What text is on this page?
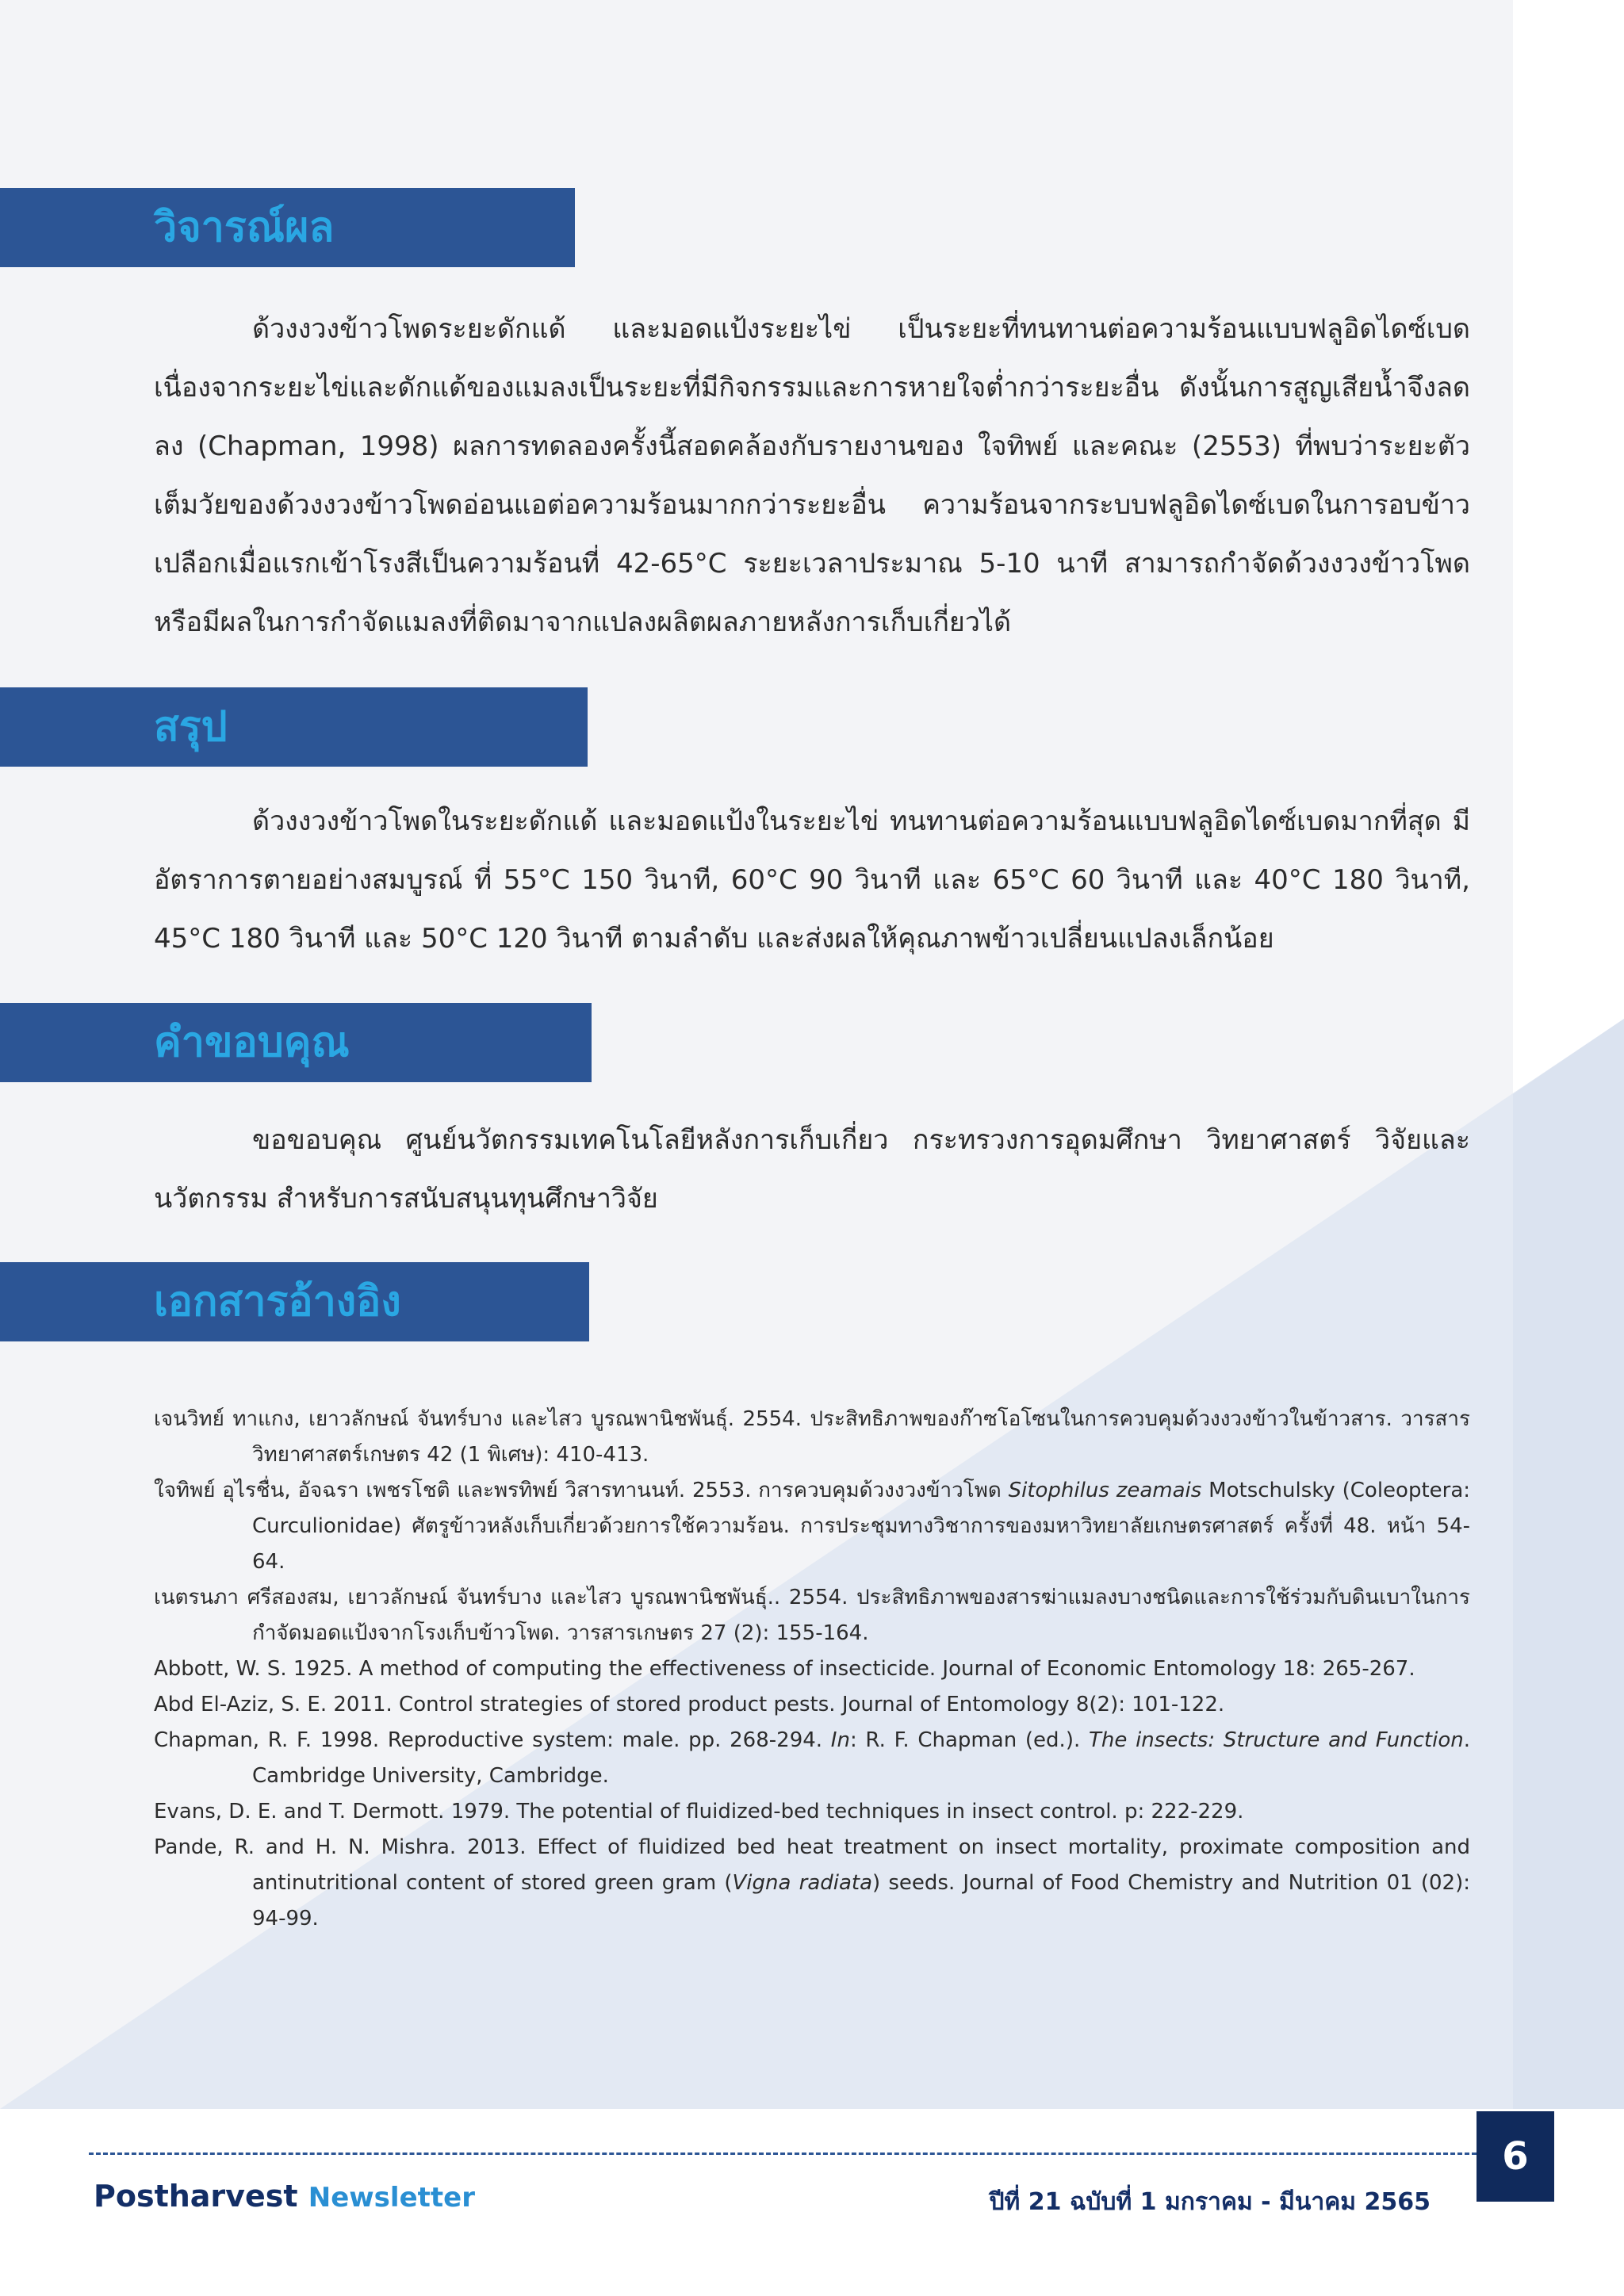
วิจารณ์ผล

ด้วงงวงข้าวโพดระยะดักแด้ และมอดแป้งระยะไข่ เป็นระยะที่ทนทานต่อความร้อนแบบฟลูอิดไดซ์เบด เนื่องจากระยะไข่และดักแด้ของแมลงเป็นระยะที่มีกิจกรรมและการหายใจต่ำกว่าระยะอื่น ดังนั้นการสูญเสียน้ำจึงลดลง (Chapman, 1998) ผลการทดลองครั้งนี้สอดคล้องกับรายงานของ ใจทิพย์ และคณะ (2553) ที่พบว่าระยะตัวเต็มวัยของด้วงงวงข้าวโพดอ่อนแอต่อความร้อนมากกว่าระยะอื่น ความร้อนจากระบบฟลูอิดไดซ์เบดในการอบข้าวเปลือกเมื่อแรกเข้าโรงสีเป็นความร้อนที่ 42-65°C ระยะเวลาประมาณ 5-10 นาที สามารถกำจัดด้วงงวงข้าวโพดหรือมีผลในการกำจัดแมลงที่ติดมาจากแปลงผลิตผลภายหลังการเก็บเกี่ยวได้

สรุป

ด้วงงวงข้าวโพดในระยะดักแด้ และมอดแป้งในระยะไข่ ทนทานต่อความร้อนแบบฟลูอิดไดซ์เบดมากที่สุด มีอัตราการตายอย่างสมบูรณ์ ที่ 55°C 150 วินาที, 60°C 90 วินาที และ 65°C 60 วินาที และ 40°C 180 วินาที, 45°C 180 วินาที และ 50°C 120 วินาที ตามลำดับ และส่งผลให้คุณภาพข้าวเปลี่ยนแปลงเล็กน้อย

คำขอบคุณ

ขอขอบคุณ ศูนย์นวัตกรรมเทคโนโลยีหลังการเก็บเกี่ยว กระทรวงการอุดมศึกษา วิทยาศาสตร์ วิจัยและนวัตกรรม สำหรับการสนับสนุนทุนศึกษาวิจัย

เอกสารอ้างอิง

เจนวิทย์ ทาแกง, เยาวลักษณ์ จันทร์บาง และไสว บูรณพานิชพันธุ์. 2554. ประสิทธิภาพของก๊าซโอโซนในการควบคุมด้วงงวงข้าวในข้าวสาร. วารสารวิทยาศาสตร์เกษตร 42 (1 พิเศษ): 410-413.

ใจทิพย์ อุไรชื่น, อัจฉรา เพชรโชติ และพรทิพย์ วิสารทานนท์. 2553. การควบคุมด้วงงวงข้าวโพด Sitophilus zeamais Motschulsky (Coleoptera: Curculionidae) ศัตรูข้าวหลังเก็บเกี่ยวด้วยการใช้ความร้อน. การประชุมทางวิชาการของมหาวิทยาลัยเกษตรศาสตร์ ครั้งที่ 48. หน้า 54-64.

เนตรนภา ศรีสองสม, เยาวลักษณ์ จันทร์บาง และไสว บูรณพานิชพันธุ์.. 2554. ประสิทธิภาพของสารฆ่าแมลงบางชนิดและการใช้ร่วมกับดินเบาในการกำจัดมอดแป้งจากโรงเก็บข้าวโพด. วารสารเกษตร 27 (2): 155-164.

Abbott, W. S. 1925. A method of computing the effectiveness of insecticide. Journal of Economic Entomology 18: 265-267.

Abd El-Aziz, S. E. 2011. Control strategies of stored product pests. Journal of Entomology 8(2): 101-122.

Chapman, R. F. 1998. Reproductive system: male. pp. 268-294. In: R. F. Chapman (ed.). The insects: Structure and Function. Cambridge University, Cambridge.

Evans, D. E. and T. Dermott. 1979. The potential of fluidized-bed techniques in insect control. p: 222-229.

Pande, R. and H. N. Mishra. 2013. Effect of fluidized bed heat treatment on insect mortality, proximate composition and antinutritional content of stored green gram (Vigna radiata) seeds. Journal of Food Chemistry and Nutrition 01 (02): 94-99.

6
Postharvest Newsletter	ปีที่ 21 ฉบับที่ 1 มกราคม - มีนาคม 2565
